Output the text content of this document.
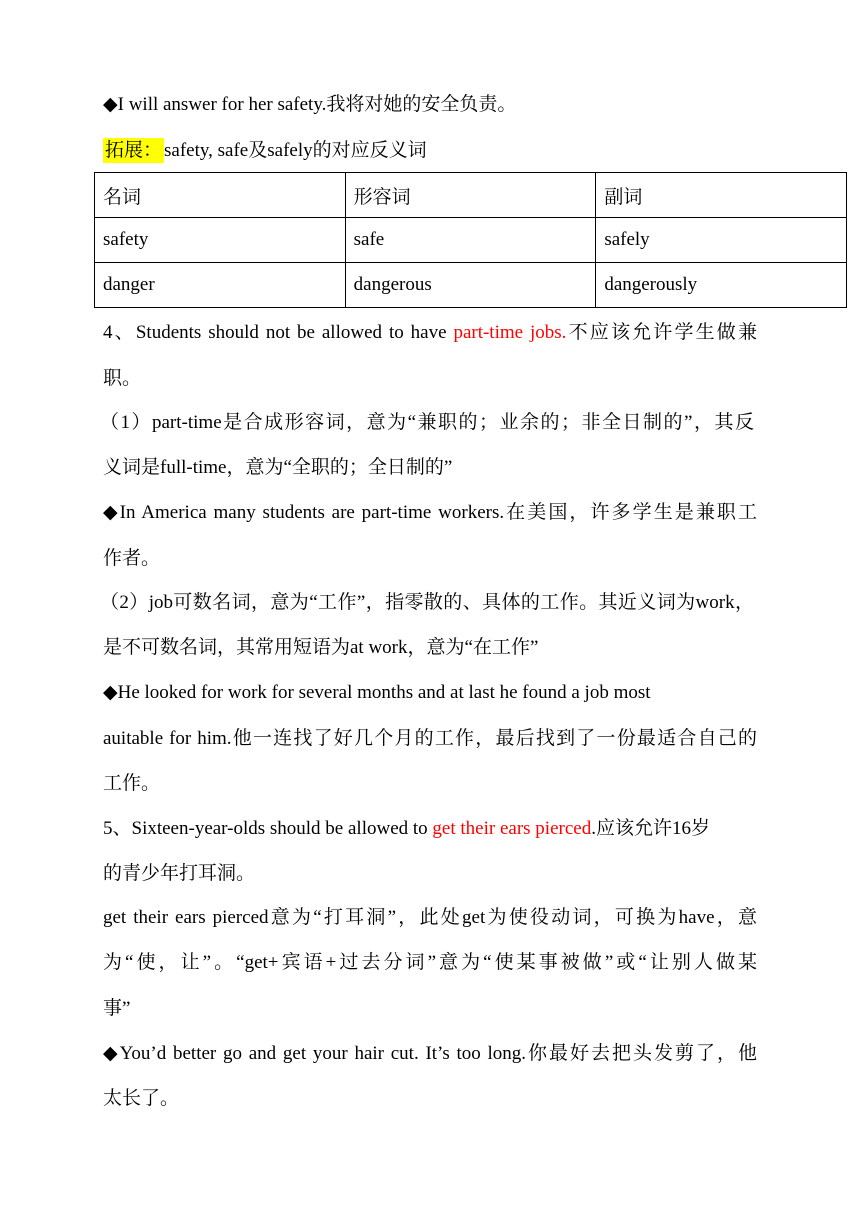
◆I will answer for her safety.我将对她的安全负责。
拓展： safety, safe及safely的对应反义词
名词	形容词	副词
safety	safe	safely
danger	dangerous	dangerously
4、Students should not be allowed to have part-time jobs.不应该允许学生做兼
职。
（1）part-time是合成形容词，意为“兼职的；业余的；非全日制的”，其反
义词是full-time，意为“全职的；全日制的”
◆In America many students are part-time workers.在美国，许多学生是兼职工
作者。
（2）job可数名词，意为“工作”，指零散的、具体的工作。其近义词为work，
是不可数名词，其常用短语为at work，意为“在工作”
◆He looked for work for several months and at last he found a job most
auitable for him.他一连找了好几个月的工作，最后找到了一份最适合自己的
工作。
5、Sixteen-year-olds should be allowed to get their ears pierced.应该允许16岁
的青少年打耳洞。
get their ears pierced意为“打耳洞”，此处get为使役动词，可换为have，意
为“使，让”。“get+宾语+过去分词”意为“使某事被做”或“让别人做某
事”
◆You’d better go and get your hair cut. It’s too long.你最好去把头发剪了，他
太长了。
